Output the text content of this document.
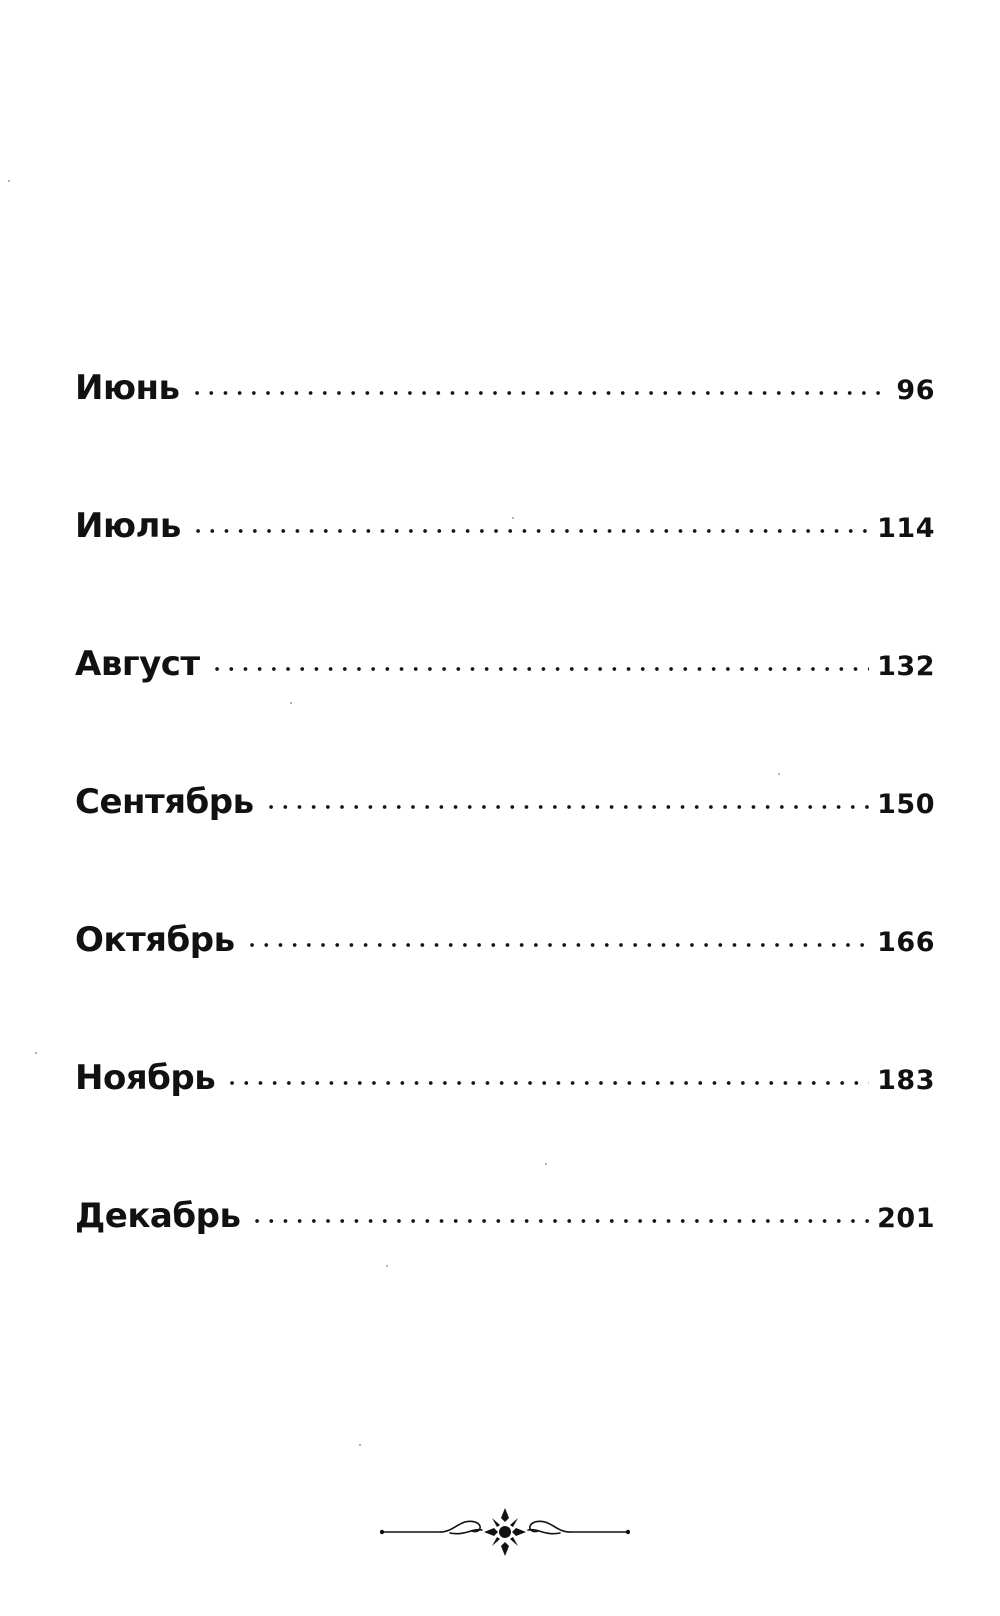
Июнь	96
Июль	114
Август	132
Сентябрь	150
Октябрь	166
Ноябрь	183
Декабрь	201
